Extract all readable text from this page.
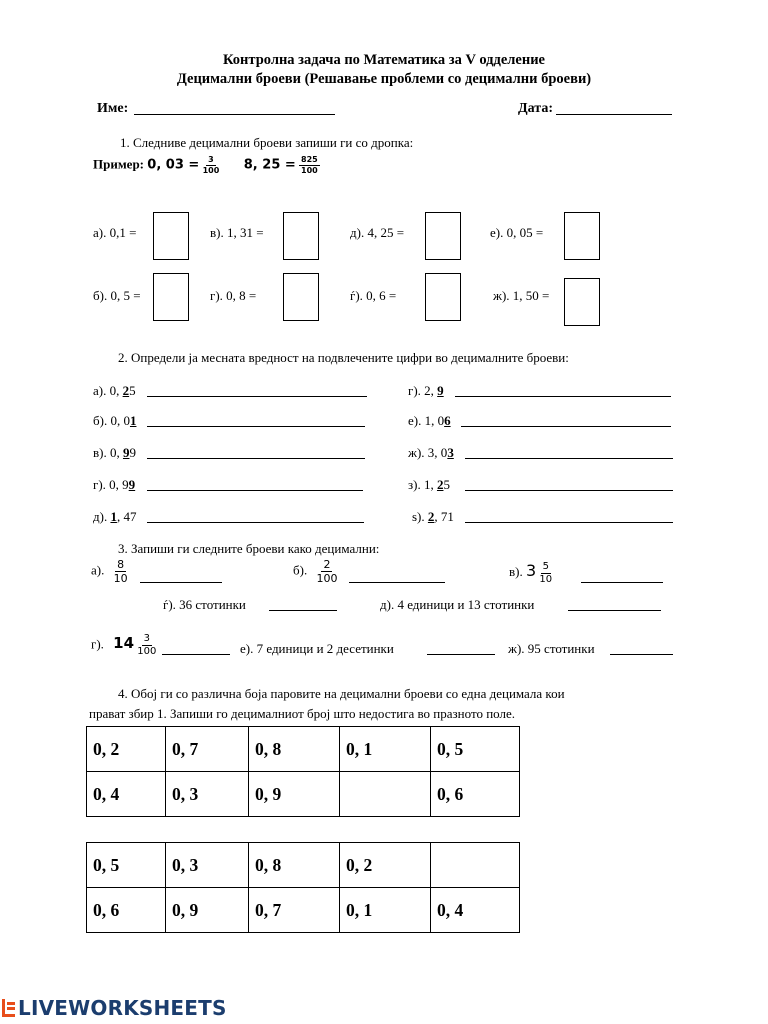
Контролна задача по Математика за V одделение
Децимални броеви (Решавање проблеми со децимални броеви)
Име:	Дата:
1. Следниве децимални броеви запиши ги со дропка:
Пример: 0, $03 = \frac{3}{100} 8$, $25 = \frac{825}{100}$
а). 0,1 =	в). 1, 31 =	д). 4, 25 =	е). 0, 05 =
б). 0, 5 =	г). 0, 8 =	ѓ). 0, 6 =	ж). 1, 50 =
2. Определи ја месната вредност на подвлечените цифри во децималните броеви:
а). 0, 25	г). 2, 9
б). 0, 01	е). 1, 06
в). 0, 99	ж). 3, 03
г). 0, 99	з). 1, 25
д). 1, 47	ѕ). 2, 71
3. Запиши ги следните броеви како децимални:
а). $\frac{8}{10}$	б). $\frac{2}{100}$	в). $3 \frac{5}{10}$
ѓ). 36 стотинки	д). 4 единици и 13 стотинки
г). $14 \frac{3}{100}$	е). 7 единици и 2 десетинки	ж). 95 стотинки
4. Обој ги со различна боја паровите на децимални броеви со една децимала кои
прават збир 1. Запиши го децималниот број што недостига во празното поле.
0, 2	0, 7	0, 8	0, 1	0, 5
0, 4	0, 3	0, 9		0, 6
0, 5	0, 3	0, 8	0, 2	
0, 6	0, 9	0, 7	0, 1	0, 4
LIVEWORKSHEETS
